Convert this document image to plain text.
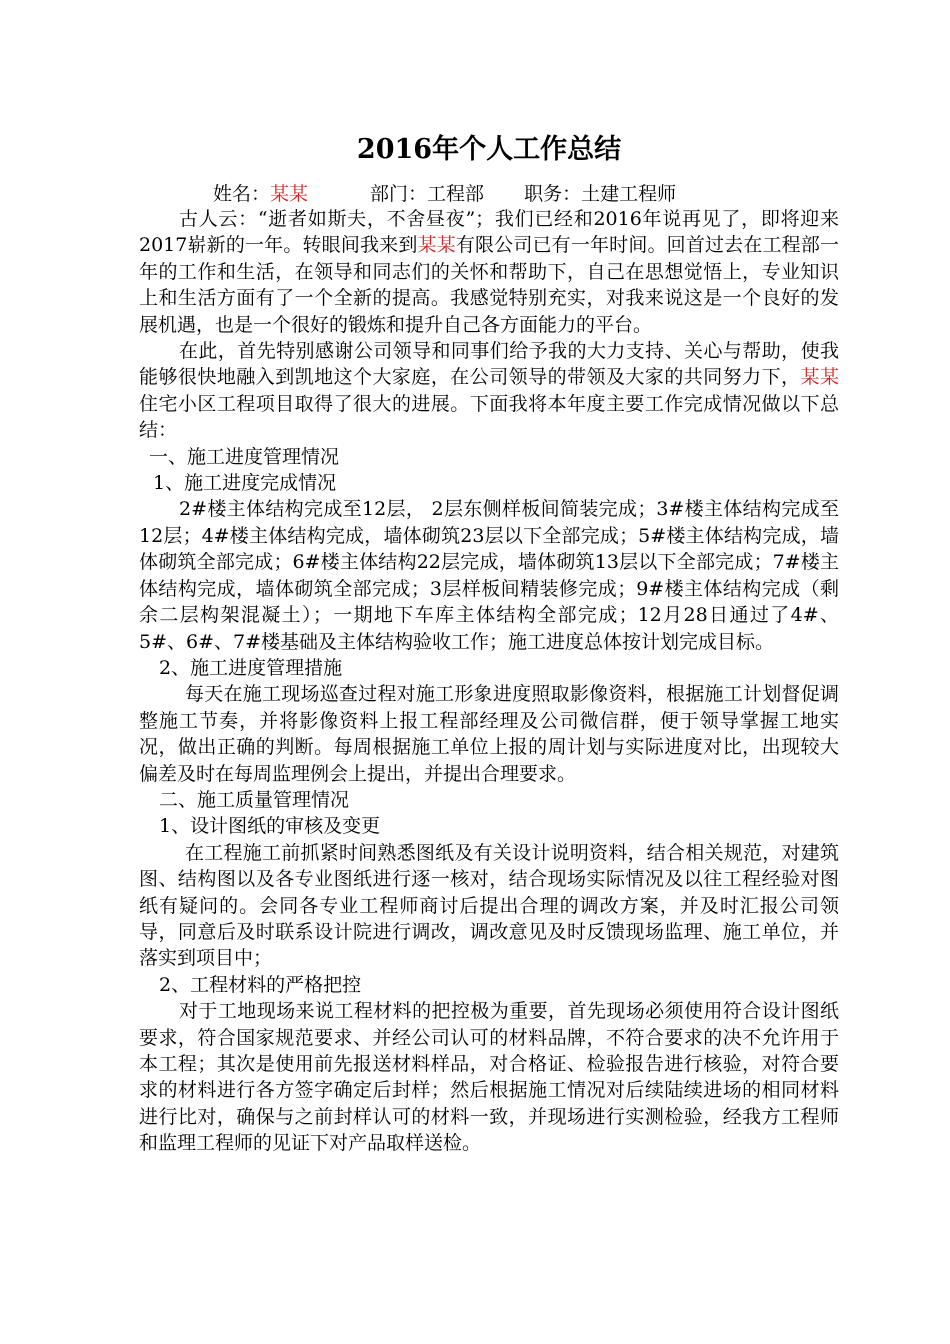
2016年个人工作总结
姓名：某某	部门：工程部 职务：土建工程师

古人云：“逝者如斯夫，不舍昼夜”；我们已经和2016年说再见了，即将迎来2017崭新的一年。转眼间我来到某某有限公司已有一年时间。回首过去在工程部一年的工作和生活，在领导和同志们的关怀和帮助下，自己在思想觉悟上，专业知识上和生活方面有了一个全新的提高。我感觉特别充实，对我来说这是一个良好的发展机遇，也是一个很好的锻炼和提升自己各方面能力的平台。

在此，首先特别感谢公司领导和同事们给予我的大力支持、关心与帮助，使我能够很快地融入到凯地这个大家庭，在公司领导的带领及大家的共同努力下，某某住宅小区工程项目取得了很大的进展。下面我将本年度主要工作完成情况做以下总结：

一、施工进度管理情况

1、施工进度完成情况

2#楼主体结构完成至12层， 2层东侧样板间简装完成；3#楼主体结构完成至12层；4#楼主体结构完成，墙体砌筑23层以下全部完成；5#楼主体结构完成，墙体砌筑全部完成；6#楼主体结构22层完成，墙体砌筑13层以下全部完成；7#楼主体结构完成，墙体砌筑全部完成；3层样板间精装修完成；9#楼主体结构完成（剩余二层构架混凝土）；一期地下车库主体结构全部完成；12月28日通过了4#、5#、6#、7#楼基础及主体结构验收工作；施工进度总体按计划完成目标。

2、施工进度管理措施

每天在施工现场巡查过程对施工形象进度照取影像资料，根据施工计划督促调整施工节奏，并将影像资料上报工程部经理及公司微信群，便于领导掌握工地实况，做出正确的判断。每周根据施工单位上报的周计划与实际进度对比，出现较大偏差及时在每周监理例会上提出，并提出合理要求。

二、施工质量管理情况

1、设计图纸的审核及变更

在工程施工前抓紧时间熟悉图纸及有关设计说明资料，结合相关规范，对建筑图、结构图以及各专业图纸进行逐一核对，结合现场实际情况及以往工程经验对图纸有疑问的。会同各专业工程师商讨后提出合理的调改方案，并及时汇报公司领导，同意后及时联系设计院进行调改，调改意见及时反馈现场监理、施工单位，并落实到项目中；

2、工程材料的严格把控

对于工地现场来说工程材料的把控极为重要，首先现场必须使用符合设计图纸要求，符合国家规范要求、并经公司认可的材料品牌，不符合要求的决不允许用于本工程；其次是使用前先报送材料样品，对合格证、检验报告进行核验，对符合要求的材料进行各方签字确定后封样；然后根据施工情况对后续陆续进场的相同材料进行比对，确保与之前封样认可的材料一致，并现场进行实测检验，经我方工程师和监理工程师的见证下对产品取样送检。
